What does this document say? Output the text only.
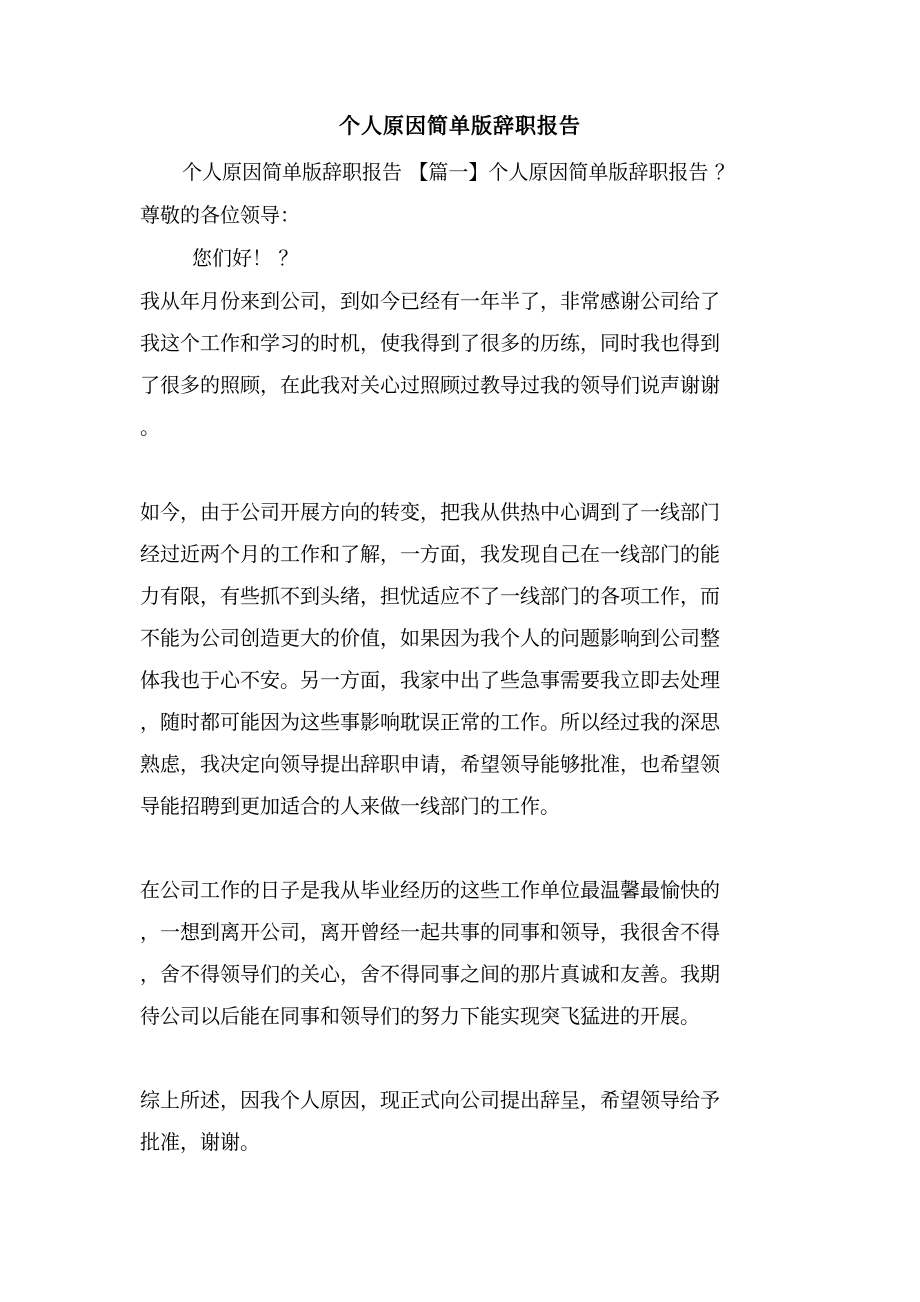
个人原因简单版辞职报告
个人原因简单版辞职报告 【篇一】个人原因简单版辞职报告 ？
尊敬的各位领导：
您们好！ ？
我从年月份来到公司，到如今已经有一年半了，非常感谢公司给了
我这个工作和学习的时机，使我得到了很多的历练，同时我也得到
了很多的照顾，在此我对关心过照顾过教导过我的领导们说声谢谢
。
如今，由于公司开展方向的转变，把我从供热中心调到了一线部门
经过近两个月的工作和了解，一方面，我发现自己在一线部门的能
力有限，有些抓不到头绪，担忧适应不了一线部门的各项工作，而
不能为公司创造更大的价值，如果因为我个人的问题影响到公司整
体我也于心不安。另一方面，我家中出了些急事需要我立即去处理
，随时都可能因为这些事影响耽误正常的工作。所以经过我的深思
熟虑，我决定向领导提出辞职申请，希望领导能够批准，也希望领
导能招聘到更加适合的人来做一线部门的工作。
在公司工作的日子是我从毕业经历的这些工作单位最温馨最愉快的
，一想到离开公司，离开曾经一起共事的同事和领导，我很舍不得
，舍不得领导们的关心，舍不得同事之间的那片真诚和友善。我期
待公司以后能在同事和领导们的努力下能实现突飞猛进的开展。
综上所述，因我个人原因，现正式向公司提出辞呈，希望领导给予
批准，谢谢。
